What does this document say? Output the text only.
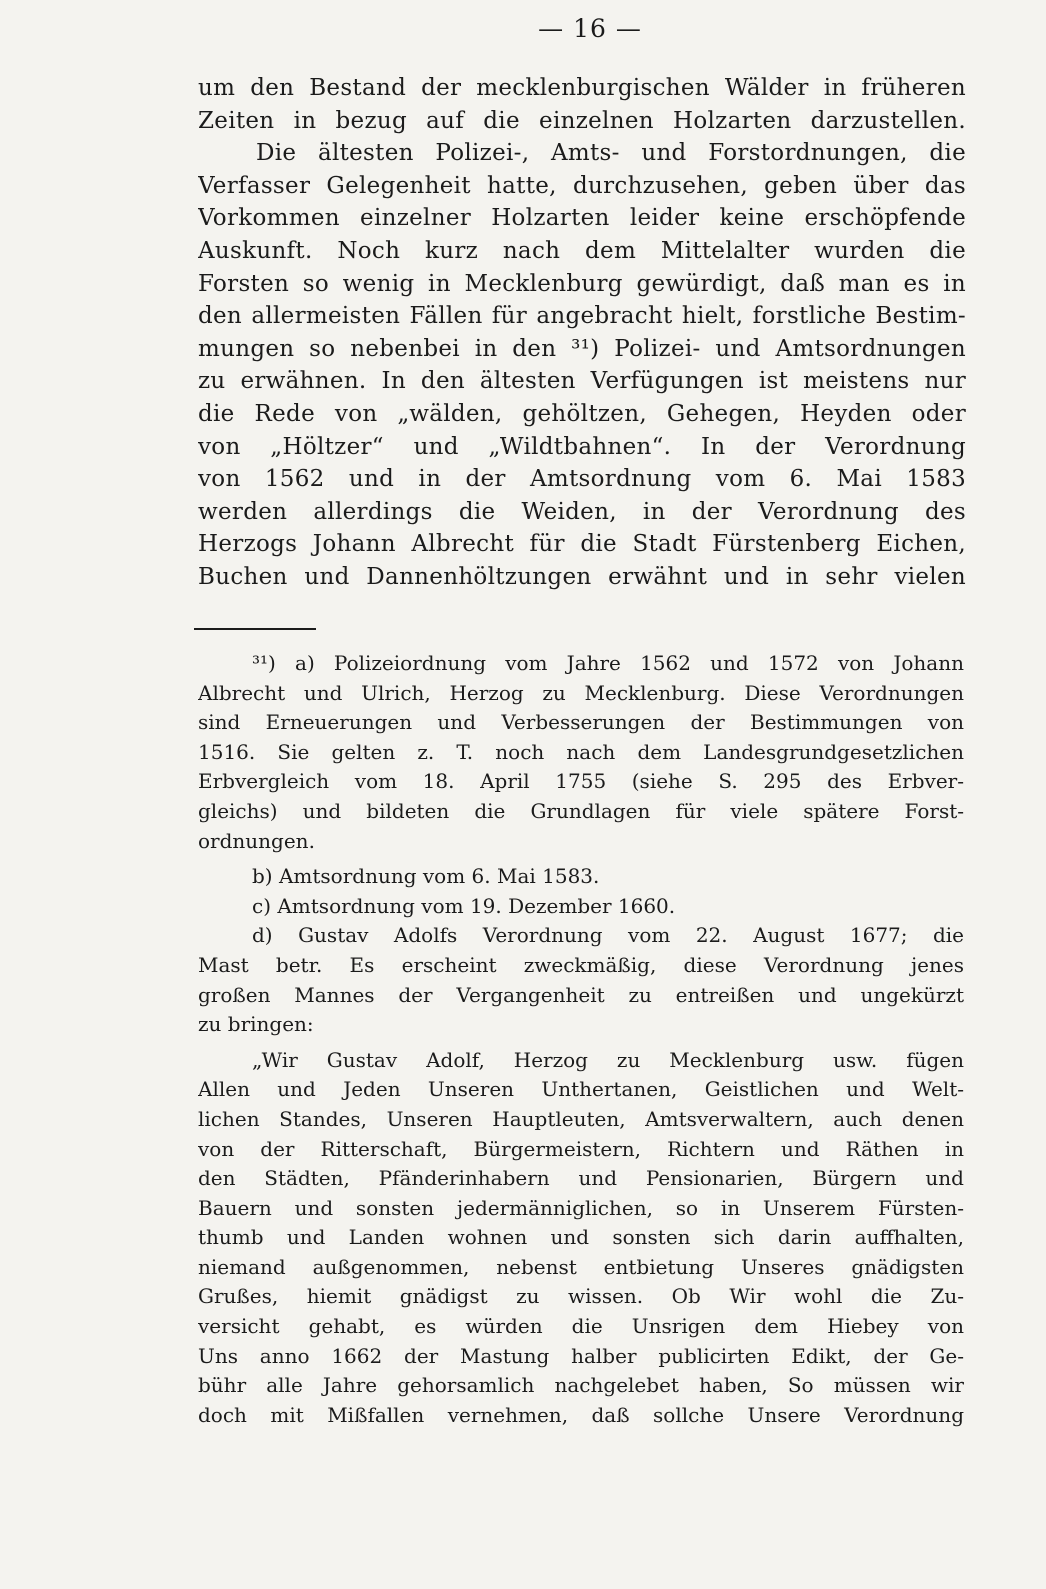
— 16 —
um den Bestand der mecklenburgischen Wälder in früheren
Zeiten in bezug auf die einzelnen Holzarten darzustellen.
Die ältesten Polizei-, Amts- und Forstordnungen, die
Verfasser Gelegenheit hatte, durchzusehen, geben über das
Vorkommen einzelner Holzarten leider keine erschöpfende
Auskunft. Noch kurz nach dem Mittelalter wurden die
Forsten so wenig in Mecklenburg gewürdigt, daß man es in
den allermeisten Fällen für angebracht hielt, forstliche Bestim-
mungen so nebenbei in den ³¹) Polizei- und Amtsordnungen
zu erwähnen. In den ältesten Verfügungen ist meistens nur
die Rede von „wälden, gehöltzen, Gehegen, Heyden oder
von „Höltzer“ und „Wildtbahnen“. In der Verordnung
von 1562 und in der Amtsordnung vom 6. Mai 1583
werden allerdings die Weiden, in der Verordnung des
Herzogs Johann Albrecht für die Stadt Fürstenberg Eichen,
Buchen und Dannenhöltzungen erwähnt und in sehr vielen
³¹) a) Polizeiordnung vom Jahre 1562 und 1572 von Johann
Albrecht und Ulrich, Herzog zu Mecklenburg. Diese Verordnungen
sind Erneuerungen und Verbesserungen der Bestimmungen von
1516. Sie gelten z. T. noch nach dem Landesgrundgesetzlichen
Erbvergleich vom 18. April 1755 (siehe S. 295 des Erbver-
gleichs) und bildeten die Grundlagen für viele spätere Forst-
ordnungen.
b) Amtsordnung vom 6. Mai 1583.
c) Amtsordnung vom 19. Dezember 1660.
d) Gustav Adolfs Verordnung vom 22. August 1677; die
Mast betr. Es erscheint zweckmäßig, diese Verordnung jenes
großen Mannes der Vergangenheit zu entreißen und ungekürzt
zu bringen:
„Wir Gustav Adolf, Herzog zu Mecklenburg usw. fügen
Allen und Jeden Unseren Unthertanen, Geistlichen und Welt-
lichen Standes, Unseren Hauptleuten, Amtsverwaltern, auch denen
von der Ritterschaft, Bürgermeistern, Richtern und Räthen in
den Städten, Pfänderinhabern und Pensionarien, Bürgern und
Bauern und sonsten jedermänniglichen, so in Unserem Fürsten-
thumb und Landen wohnen und sonsten sich darin auffhalten,
niemand außgenommen, nebenst entbietung Unseres gnädigsten
Grußes, hiemit gnädigst zu wissen. Ob Wir wohl die Zu-
versicht gehabt, es würden die Unsrigen dem Hiebey von
Uns anno 1662 der Mastung halber publicirten Edikt, der Ge-
bühr alle Jahre gehorsamlich nachgelebet haben, So müssen wir
doch mit Mißfallen vernehmen, daß sollche Unsere Verordnung
